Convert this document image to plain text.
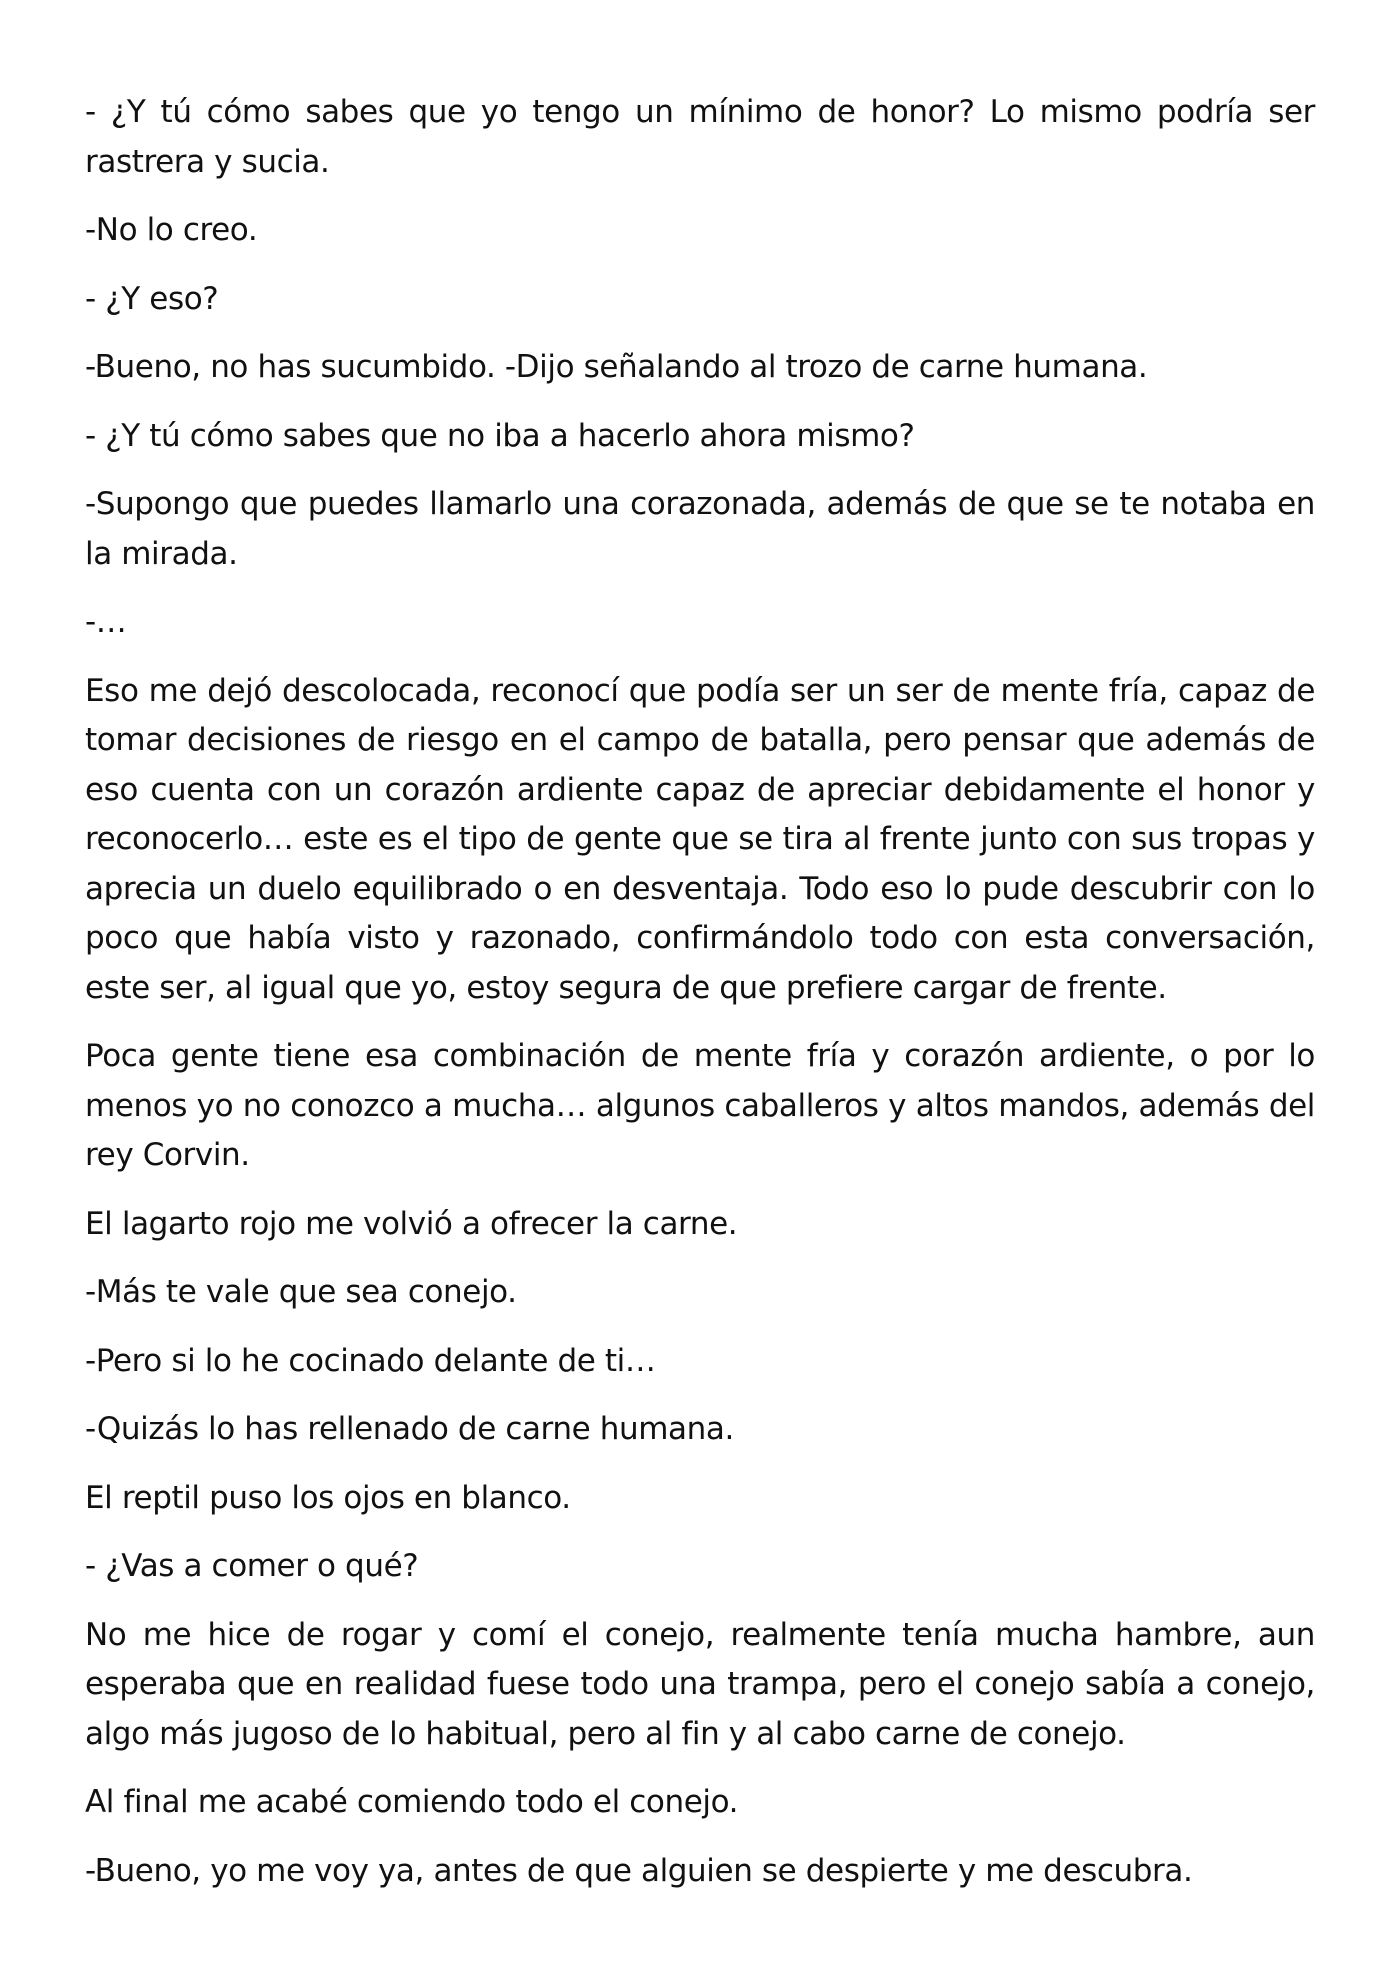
- ¿Y tú cómo sabes que yo tengo un mínimo de honor? Lo mismo podría ser rastrera y sucia.

-No lo creo.

- ¿Y eso?

-Bueno, no has sucumbido. -Dijo señalando al trozo de carne humana.

- ¿Y tú cómo sabes que no iba a hacerlo ahora mismo?

-Supongo que puedes llamarlo una corazonada, además de que se te notaba en la mirada.

-…

Eso me dejó descolocada, reconocí que podía ser un ser de mente fría, capaz de tomar decisiones de riesgo en el campo de batalla, pero pensar que además de eso cuenta con un corazón ardiente capaz de apreciar debidamente el honor y reconocerlo… este es el tipo de gente que se tira al frente junto con sus tropas y aprecia un duelo equilibrado o en desventaja. Todo eso lo pude descubrir con lo poco que había visto y razonado, confirmándolo todo con esta conversación, este ser, al igual que yo, estoy segura de que prefiere cargar de frente.

Poca gente tiene esa combinación de mente fría y corazón ardiente, o por lo menos yo no conozco a mucha… algunos caballeros y altos mandos, además del rey Corvin.

El lagarto rojo me volvió a ofrecer la carne.

-Más te vale que sea conejo.

-Pero si lo he cocinado delante de ti…

-Quizás lo has rellenado de carne humana.

El reptil puso los ojos en blanco.

- ¿Vas a comer o qué?

No me hice de rogar y comí el conejo, realmente tenía mucha hambre, aun esperaba que en realidad fuese todo una trampa, pero el conejo sabía a conejo, algo más jugoso de lo habitual, pero al fin y al cabo carne de conejo.

Al final me acabé comiendo todo el conejo.

-Bueno, yo me voy ya, antes de que alguien se despierte y me descubra.
